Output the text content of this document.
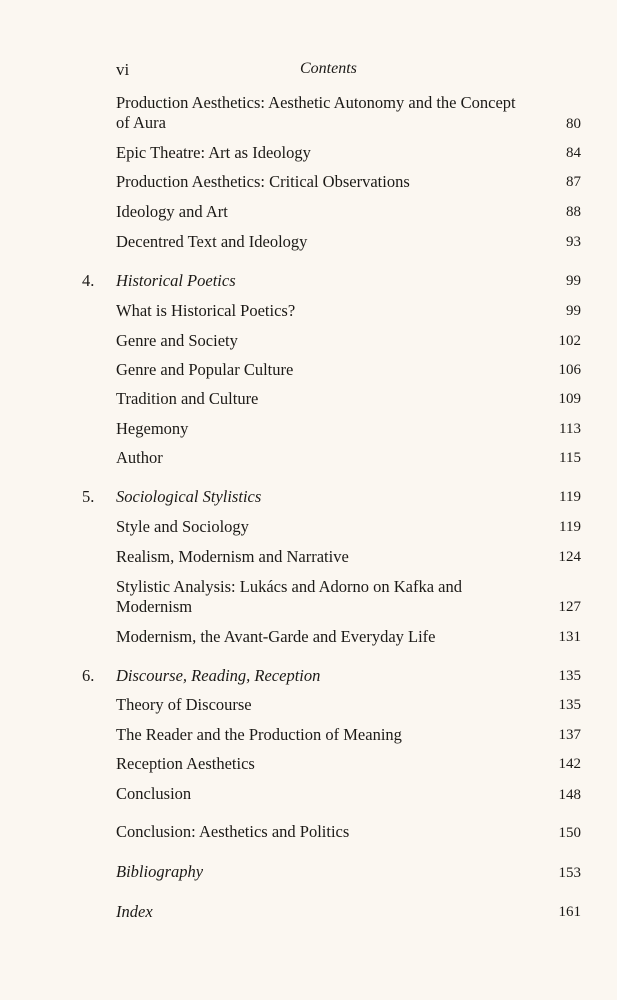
vi	Contents
Production Aesthetics: Aesthetic Autonomy and the Concept
of Aura	80
Epic Theatre: Art as Ideology	84
Production Aesthetics: Critical Observations	87
Ideology and Art	88
Decentred Text and Ideology	93
4. Historical Poetics	99
What is Historical Poetics?	99
Genre and Society	102
Genre and Popular Culture	106
Tradition and Culture	109
Hegemony	113
Author	115
5. Sociological Stylistics	119
Style and Sociology	119
Realism, Modernism and Narrative	124
Stylistic Analysis: Lukács and Adorno on Kafka and
Modernism	127
Modernism, the Avant-Garde and Everyday Life	131
6. Discourse, Reading, Reception	135
Theory of Discourse	135
The Reader and the Production of Meaning	137
Reception Aesthetics	142
Conclusion	148
Conclusion: Aesthetics and Politics	150
Bibliography	153
Index	161
